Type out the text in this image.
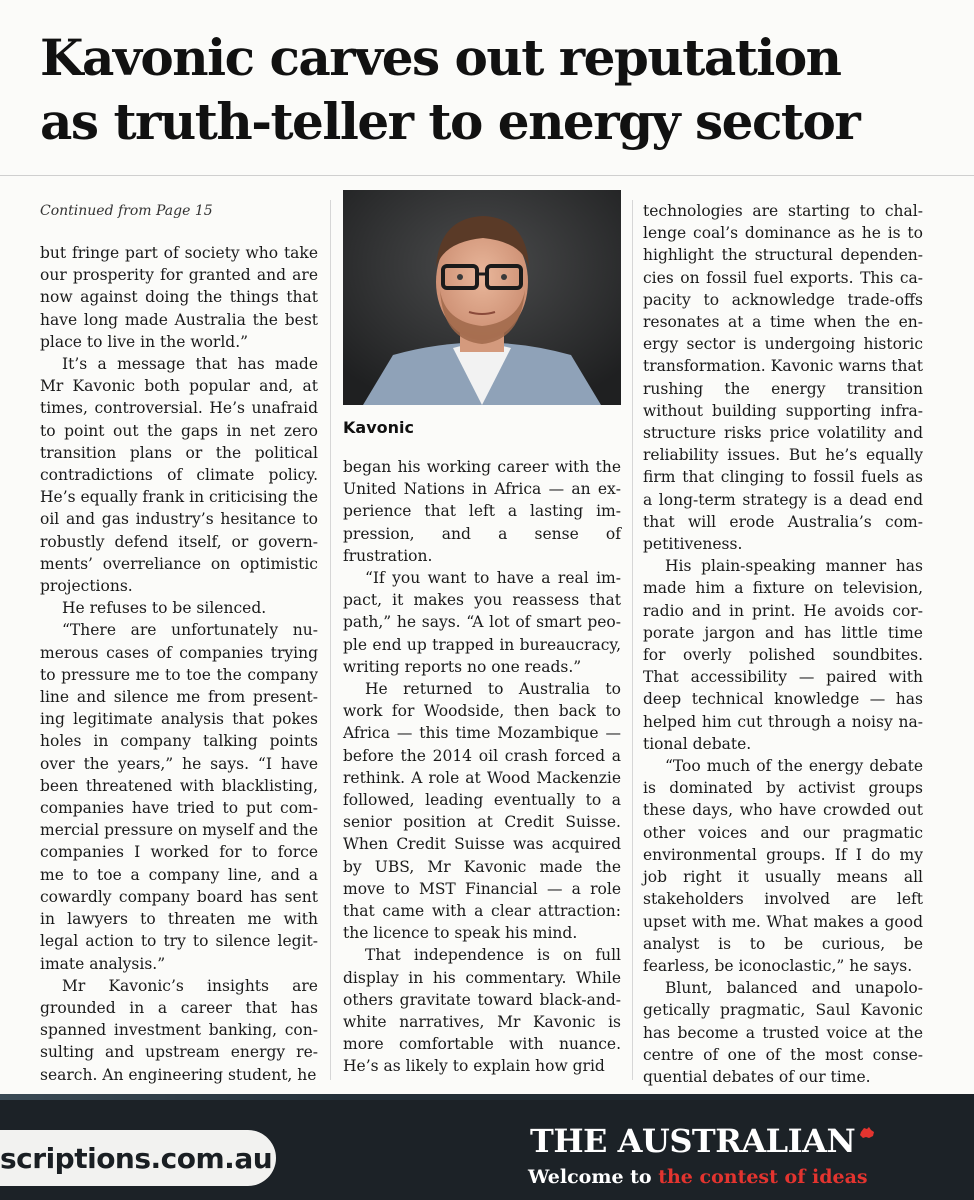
Kavonic carves out reputation
as truth-teller to energy sector
Continued from Page 15

but fringe part of society who take our prosperity for granted and are now against doing the things that have long made Australia the best place to live in the world.”

It’s a message that has made Mr Kavonic both popular and, at times, controversial. He’s unafraid to point out the gaps in net zero transition plans or the political contradictions of climate policy. He’s equally frank in criticising the oil and gas industry’s hesitance to robustly defend itself, or governments’ overreliance on optimistic projections.

He refuses to be silenced.

“There are unfortunately numerous cases of companies trying to pressure me to toe the company line and silence me from presenting legitimate analysis that pokes holes in company talking points over the years,” he says. “I have been threatened with blacklisting, companies have tried to put commercial pressure on myself and the companies I worked for to force me to toe a company line, and a cowardly company board has sent in lawyers to threaten me with legal action to try to silence legitimate analysis.”

Mr Kavonic’s insights are grounded in a career that has spanned investment banking, consulting and upstream energy research. An engineering student, he

Kavonic

began his working career with the United Nations in Africa — an experience that left a lasting impression, and a sense of frustration.

“If you want to have a real impact, it makes you reassess that path,” he says. “A lot of smart people end up trapped in bureaucracy, writing reports no one reads.”

He returned to Australia to work for Woodside, then back to Africa — this time Mozambique — before the 2014 oil crash forced a rethink. A role at Wood Mackenzie followed, leading eventually to a senior position at Credit Suisse. When Credit Suisse was acquired by UBS, Mr Kavonic made the move to MST Financial — a role that came with a clear attraction: the licence to speak his mind.

That independence is on full display in his commentary. While others gravitate toward black-and-white narratives, Mr Kavonic is more comfortable with nuance. He’s as likely to explain how grid

technologies are starting to challenge coal’s dominance as he is to highlight the structural dependencies on fossil fuel exports. This capacity to acknowledge trade-offs resonates at a time when the energy sector is undergoing historic transformation. Kavonic warns that rushing the energy transition without building supporting infrastructure risks price volatility and reliability issues. But he’s equally firm that clinging to fossil fuels as a long-term strategy is a dead end that will erode Australia’s competitiveness.

His plain-speaking manner has made him a fixture on television, radio and in print. He avoids corporate jargon and has little time for overly polished soundbites. That accessibility — paired with deep technical knowledge — has helped him cut through a noisy national debate.

“Too much of the energy debate is dominated by activist groups these days, who have crowded out other voices and our pragmatic environmental groups. If I do my job right it usually means all stakeholders involved are left upset with me. What makes a good analyst is to be curious, be fearless, be iconoclastic,” he says.

Blunt, balanced and unapologetically pragmatic, Saul Kavonic has become a trusted voice at the centre of one of the most consequential debates of our time.

scriptions.com.au	THE AUSTRALIAN
Welcome to the contest of ideas
